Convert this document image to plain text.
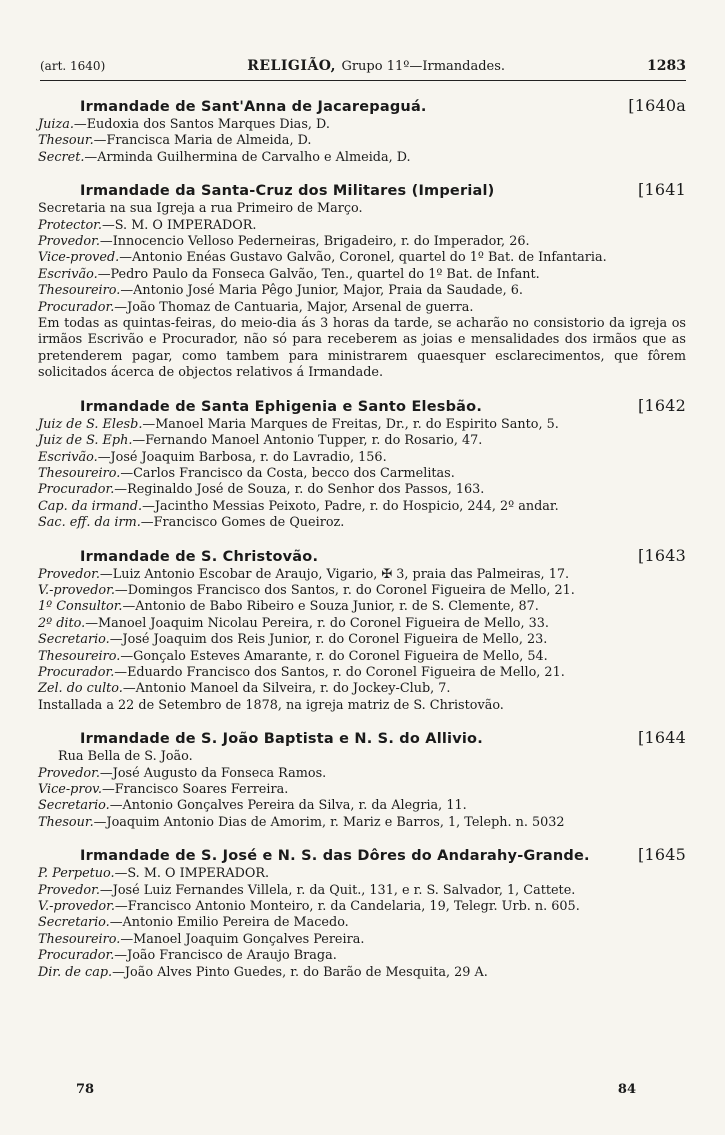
(art. 1640)	RELIGIÃO, Grupo 11º—Irmandades.	1283
Irmandade de Sant'Anna de Jacarepaguá.	[1640a
Juiza.—Eudoxia dos Santos Marques Dias, D.
Thesour.—Francisca Maria de Almeida, D.
Secret.—Arminda Guilhermina de Carvalho e Almeida, D.
Irmandade da Santa-Cruz dos Militares (Imperial)	[1641
Secretaria na sua Igreja a rua Primeiro de Março.
Protector.—S. M. O IMPERADOR.
Provedor.—Innocencio Velloso Pederneiras, Brigadeiro, r. do Imperador, 26.
Vice-proved.—Antonio Enéas Gustavo Galvão, Coronel, quartel do 1º Bat. de Infantaria.
Escrivão.—Pedro Paulo da Fonseca Galvão, Ten., quartel do 1º Bat. de Infant.
Thesoureiro.—Antonio José Maria Pêgo Junior, Major, Praia da Saudade, 6.
Procurador.—João Thomaz de Cantuaria, Major, Arsenal de guerra.
Em todas as quintas-feiras, do meio-dia ás 3 horas da tarde, se acharão no consistorio da igreja os irmãos Escrivão e Procurador, não só para receberem as joias e mensalidades dos irmãos que as pretenderem pagar, como tambem para ministrarem quaesquer esclarecimentos, que fôrem solicitados ácerca de objectos relativos á Irmandade.
Irmandade de Santa Ephigenia e Santo Elesbão.	[1642
Juiz de S. Elesb.—Manoel Maria Marques de Freitas, Dr., r. do Espirito Santo, 5.
Juiz de S. Eph.—Fernando Manoel Antonio Tupper, r. do Rosario, 47.
Escrivão.—José Joaquim Barbosa, r. do Lavradio, 156.
Thesoureiro.—Carlos Francisco da Costa, becco dos Carmelitas.
Procurador.—Reginaldo José de Souza, r. do Senhor dos Passos, 163.
Cap. da irmand.—Jacintho Messias Peixoto, Padre, r. do Hospicio, 244, 2º andar.
Sac. eff. da irm.—Francisco Gomes de Queiroz.
Irmandade de S. Christovão.	[1643
Provedor.—Luiz Antonio Escobar de Araujo, Vigario, ✠ 3, praia das Palmeiras, 17.
V.-provedor.—Domingos Francisco dos Santos, r. do Coronel Figueira de Mello, 21.
1º Consultor.—Antonio de Babo Ribeiro e Souza Junior, r. de S. Clemente, 87.
2º dito.—Manoel Joaquim Nicolau Pereira, r. do Coronel Figueira de Mello, 33.
Secretario.—José Joaquim dos Reis Junior, r. do Coronel Figueira de Mello, 23.
Thesoureiro.—Gonçalo Esteves Amarante, r. do Coronel Figueira de Mello, 54.
Procurador.—Eduardo Francisco dos Santos, r. do Coronel Figueira de Mello, 21.
Zel. do culto.—Antonio Manoel da Silveira, r. do Jockey-Club, 7.
Installada a 22 de Setembro de 1878, na igreja matriz de S. Christovão.
Irmandade de S. João Baptista e N. S. do Allivio.	[1644
Rua Bella de S. João.
Provedor.—José Augusto da Fonseca Ramos.
Vice-prov.—Francisco Soares Ferreira.
Secretario.—Antonio Gonçalves Pereira da Silva, r. da Alegria, 11.
Thesour.—Joaquim Antonio Dias de Amorim, r. Mariz e Barros, 1, Teleph. n. 5032
Irmandade de S. José e N. S. das Dôres do Andarahy-Grande.	[1645
P. Perpetuo.—S. M. O IMPERADOR.
Provedor.—José Luiz Fernandes Villela, r. da Quit., 131, e r. S. Salvador, 1, Cattete.
V.-provedor.—Francisco Antonio Monteiro, r. da Candelaria, 19, Telegr. Urb. n. 605.
Secretario.—Antonio Emilio Pereira de Macedo.
Thesoureiro.—Manoel Joaquim Gonçalves Pereira.
Procurador.—João Francisco de Araujo Braga.
Dir. de cap.—João Alves Pinto Guedes, r. do Barão de Mesquita, 29 A.
78	84
